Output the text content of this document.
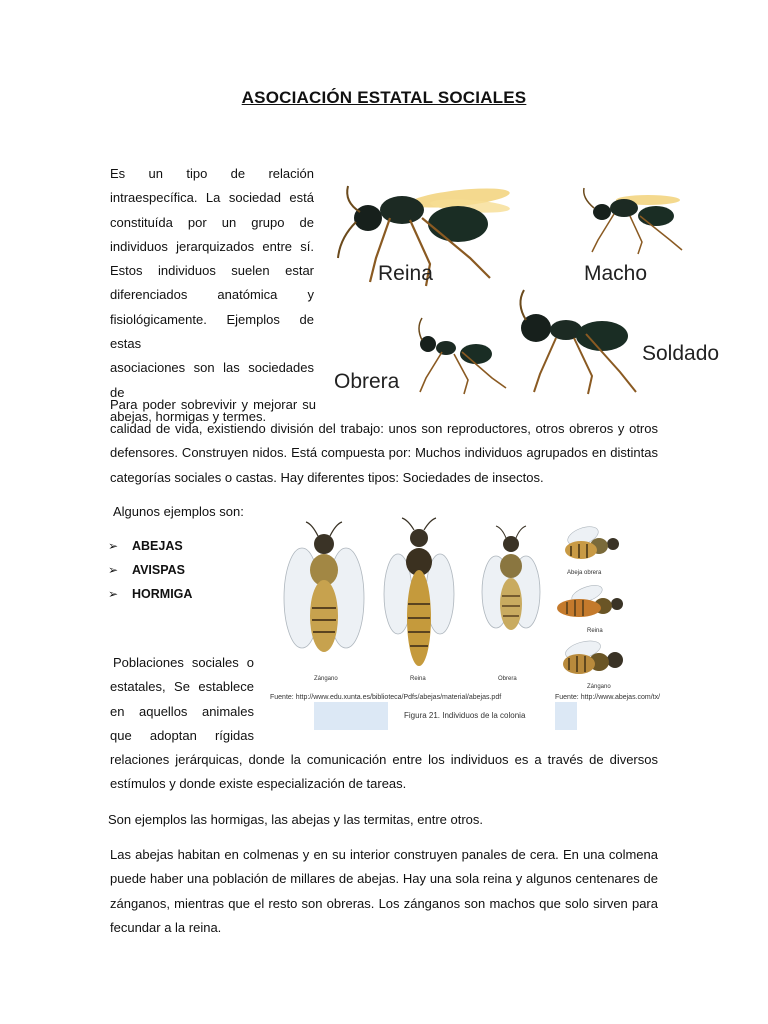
ASOCIACIÓN ESTATAL SOCIALES
Es un tipo de relación
intraespecífica. La sociedad está
constituída por un grupo de
individuos jerarquizados entre sí.
Estos individuos suelen estar
diferenciados anatómica y
fisiológicamente. Ejemplos de estas
asociaciones son las sociedades de
abejas, hormigas y termes.
Reina	Macho
Obrera
Soldado
Para poder sobrevivir y mejorar su
calidad de vida, existiendo división del trabajo: unos son reproductores, otros obreros y otros
defensores. Construyen nidos. Está compuesta por: Muchos individuos agrupados en distintas
categorías sociales o castas. Hay diferentes tipos: Sociedades de insectos.
Algunos ejemplos son:
➢ ABEJAS
➢ AVISPAS
➢ HORMIGA
Zángano	Reina	Obrera
Fuente: http://www.edu.xunta.es/biblioteca/Pdfs/abejas/material/abejas.pdf
Figura 21. Individuos de la colonia
Abeja obrera
Reina
Zángano
Fuente: http://www.abejas.com/tx/
Poblaciones sociales o
estatales, Se establece
en aquellos animales
que adoptan rígidas
relaciones jerárquicas, donde la comunicación entre los individuos es a través de diversos
estímulos y donde existe especialización de tareas.
Son ejemplos las hormigas, las abejas y las termitas, entre otros.
Las abejas habitan en colmenas y en su interior construyen panales de cera. En una colmena
puede haber una población de millares de abejas. Hay una sola reina y algunos centenares de
zánganos, mientras que el resto son obreras. Los zánganos son machos que solo sirven para
fecundar a la reina.
